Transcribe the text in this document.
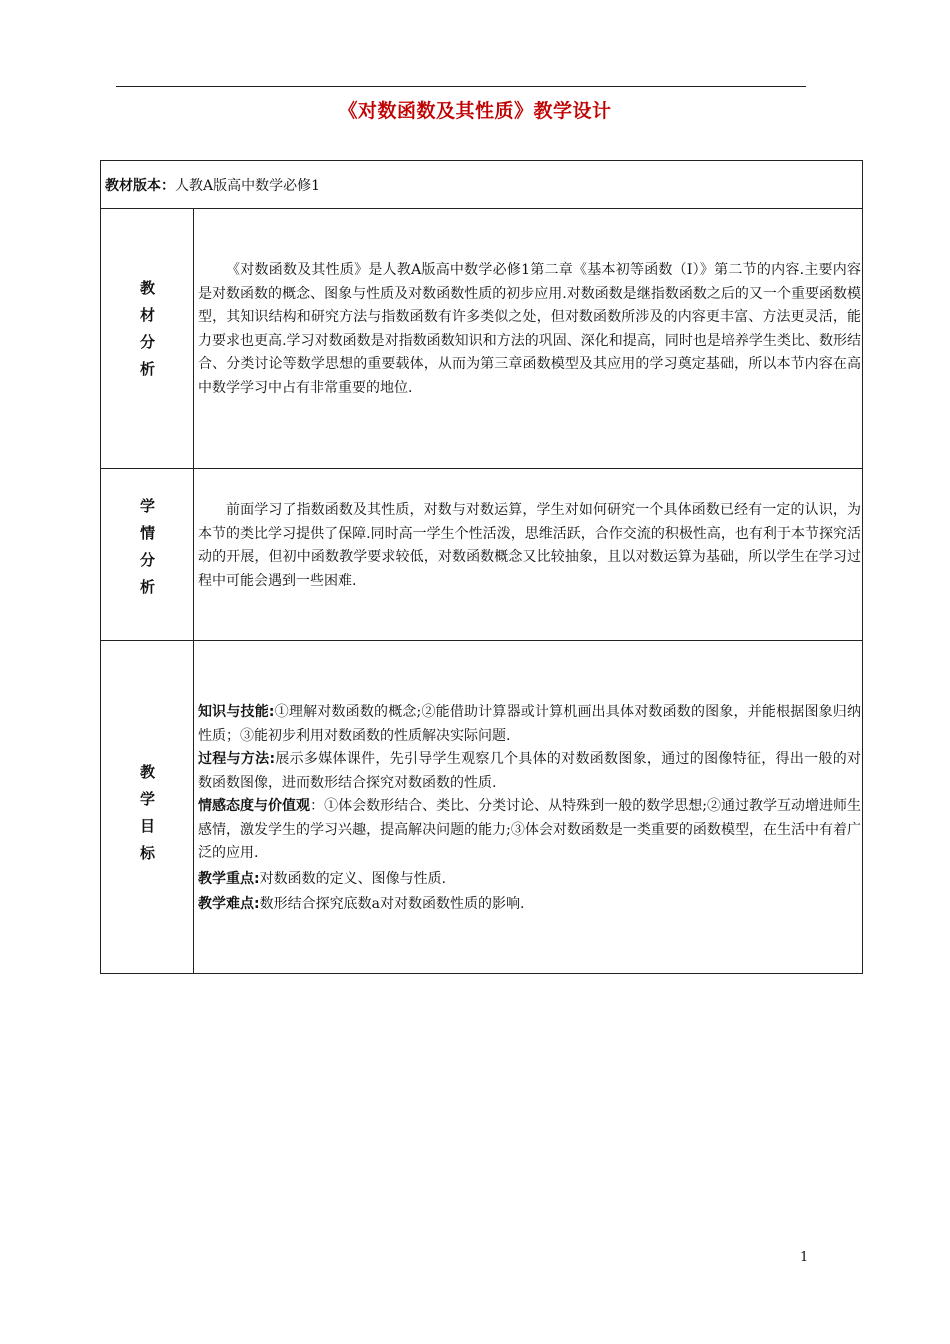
《对数函数及其性质》教学设计
教材版本：人教A版高中数学必修1
教
材
分
析

《对数函数及其性质》是人教A版高中数学必修1第二章《基本初等函数（Ⅰ）》第二节的内容.主要内容是对数函数的概念、图象与性质及对数函数性质的初步应用.对数函数是继指数函数之后的又一个重要函数模型，其知识结构和研究方法与指数函数有许多类似之处，但对数函数所涉及的内容更丰富、方法更灵活，能力要求也更高.学习对数函数是对指数函数知识和方法的巩固、深化和提高，同时也是培养学生类比、数形结合、分类讨论等数学思想的重要载体，从而为第三章函数模型及其应用的学习奠定基础，所以本节内容在高中数学学习中占有非常重要的地位.

学
情
分
析

前面学习了指数函数及其性质，对数与对数运算，学生对如何研究一个具体函数已经有一定的认识，为本节的类比学习提供了保障.同时高一学生个性活泼，思维活跃，合作交流的积极性高，也有利于本节探究活动的开展，但初中函数教学要求较低，对数函数概念又比较抽象，且以对数运算为基础，所以学生在学习过程中可能会遇到一些困难.

教
学
目
标

知识与技能:①理解对数函数的概念;②能借助计算器或计算机画出具体对数函数的图象，并能根据图象归纳性质；③能初步利用对数函数的性质解决实际问题.

过程与方法:展示多媒体课件，先引导学生观察几个具体的对数函数图象，通过的图像特征，得出一般的对数函数图像，进而数形结合探究对数函数的性质.

情感态度与价值观：①体会数形结合、类比、分类讨论、从特殊到一般的数学思想;②通过教学互动增进师生感情，激发学生的学习兴趣，提高解决问题的能力;③体会对数函数是一类重要的函数模型，在生活中有着广泛的应用.

教学重点:对数函数的定义、图像与性质.

教学难点:数形结合探究底数a对对数函数性质的影响.

1
